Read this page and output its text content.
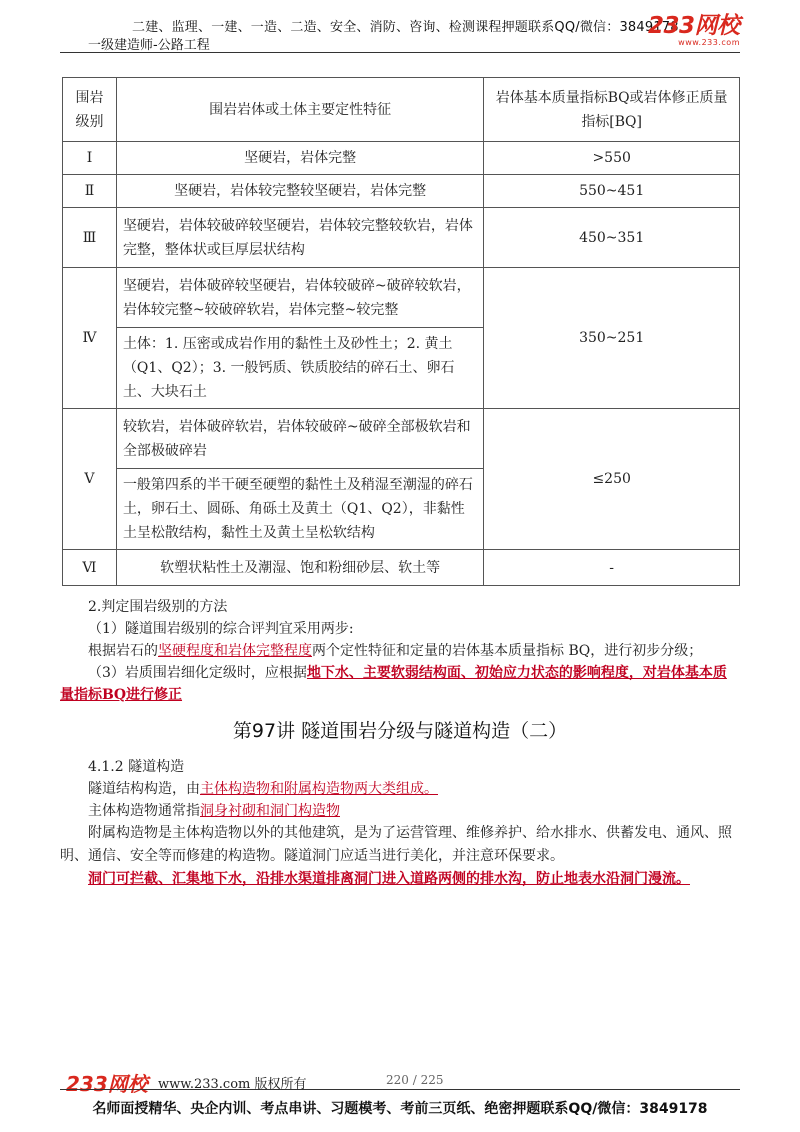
二建、监理、一建、一造、二造、安全、消防、咨询、检测课程押题联系QQ/微信：3849178
一级建造师-公路工程
233网校
www.233.com
围岩级别	围岩岩体或土体主要定性特征	岩体基本质量指标BQ或岩体修正质量指标[BQ]
Ⅰ	坚硬岩，岩体完整	>550
Ⅱ	坚硬岩，岩体较完整较坚硬岩，岩体完整	550~451
Ⅲ	坚硬岩，岩体较破碎较坚硬岩，岩体较完整较软岩，岩体完整，整体状或巨厚层状结构	450~351
Ⅳ	坚硬岩，岩体破碎较坚硬岩，岩体较破碎~破碎较软岩，岩体较完整~较破碎软岩，岩体完整~较完整	350~251
	土体：1. 压密或成岩作用的黏性土及砂性土；2. 黄土（Q1、Q2）；3. 一般钙质、铁质胶结的碎石土、卵石土、大块石土	
Ⅴ	较软岩，岩体破碎软岩，岩体较破碎~破碎全部极软岩和全部极破碎岩	≤250
	一般第四系的半干硬至硬塑的黏性土及稍湿至潮湿的碎石土，卵石土、圆砾、角砾土及黄土（Q1、Q2），非黏性土呈松散结构，黏性土及黄土呈松软结构	
Ⅵ	软塑状粘性土及潮湿、饱和粉细砂层、软土等	-
2.判定围岩级别的方法
（1）隧道围岩级别的综合评判宜采用两步:
根据岩石的坚硬程度和岩体完整程度两个定性特征和定量的岩体基本质量指标 BQ，进行初步分级；
（3）岩质围岩细化定级时，应根据地下水、主要软弱结构面、初始应力状态的影响程度，对岩体基本质量指标BQ进行修正
第97讲 隧道围岩分级与隧道构造（二）
4.1.2 隧道构造
隧道结构构造，由主体构造物和附属构造物两大类组成。
主体构造物通常指洞身衬砌和洞门构造物
附属构造物是主体构造物以外的其他建筑，是为了运营管理、维修养护、给水排水、供蓄发电、通风、照明、通信、安全等而修建的构造物。隧道洞门应适当进行美化，并注意环保要求。
洞门可拦截、汇集地下水，沿排水渠道排离洞门进入道路两侧的排水沟，防止地表水沿洞门漫流。
233网校 www.233.com 版权所有	220 / 225
名师面授精华、央企内训、考点串讲、习题模考、考前三页纸、绝密押题联系QQ/微信：3849178
